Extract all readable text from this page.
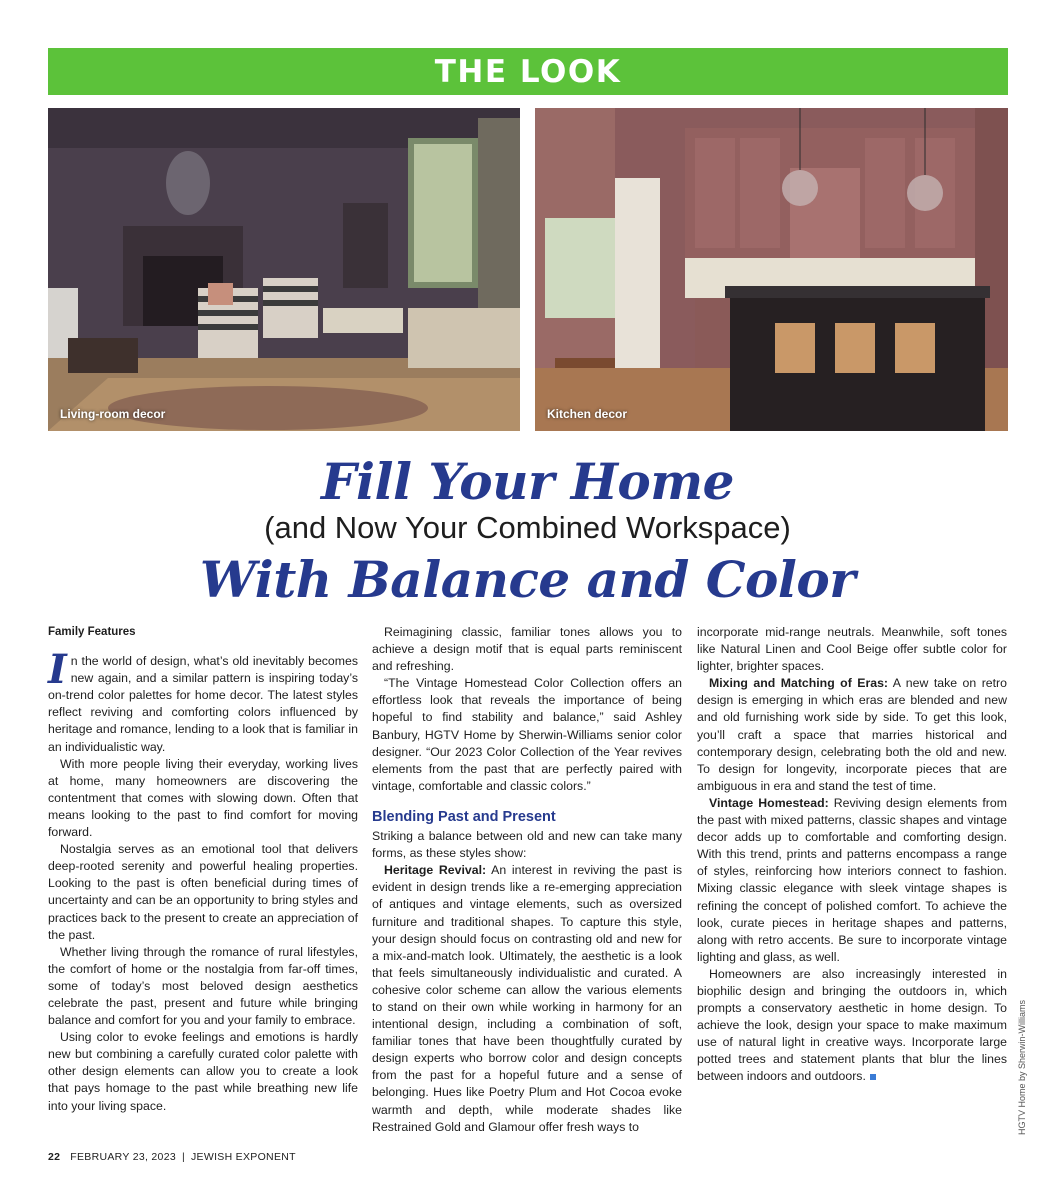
THE LOOK
Living-room decor	Kitchen decor
Fill Your Home
(and Now Your Combined Workspace)
With Balance and Color
Family Features

In the world of design, what’s old inevitably becomes new again, and a similar pattern is inspiring today’s on-trend color palettes for home decor. The latest styles reflect reviving and comforting colors influenced by heritage and romance, lending to a look that is familiar in an individualistic way.

With more people living their everyday, working lives at home, many homeowners are discovering the contentment that comes with slowing down. Often that means looking to the past to find comfort for moving forward.

Nostalgia serves as an emotional tool that delivers deep-rooted serenity and powerful healing properties. Looking to the past is often beneficial during times of uncertainty and can be an opportunity to bring styles and practices back to the present to create an appreciation of the past.

Whether living through the romance of rural lifestyles, the comfort of home or the nostalgia from far-off times, some of today’s most beloved design aesthetics celebrate the past, present and future while bringing balance and comfort for you and your family to embrace.

Using color to evoke feelings and emotions is hardly new but combining a carefully curated color palette with other design elements can allow you to create a look that pays homage to the past while breathing new life into your living space.

Reimagining classic, familiar tones allows you to achieve a design motif that is equal parts reminiscent and refreshing.

“The Vintage Homestead Color Collection offers an effortless look that reveals the importance of being hopeful to find stability and balance,” said Ashley Banbury, HGTV Home by Sherwin-Williams senior color designer. “Our 2023 Color Collection of the Year revives elements from the past that are perfectly paired with vintage, comfortable and classic colors.”

Blending Past and Present

Striking a balance between old and new can take many forms, as these styles show:

Heritage Revival: An interest in reviving the past is evident in design trends like a re-emerging appreciation of antiques and vintage elements, such as oversized furniture and traditional shapes. To capture this style, your design should focus on contrasting old and new for a mix-and-match look. Ultimately, the aesthetic is a look that feels simultaneously individualistic and curated. A cohesive color scheme can allow the various elements to stand on their own while working in harmony for an intentional design, including a combination of soft, familiar tones that have been thoughtfully curated by design experts who borrow color and design concepts from the past for a hopeful future and a sense of belonging. Hues like Poetry Plum and Hot Cocoa evoke warmth and depth, while moderate shades like Restrained Gold and Glamour offer fresh ways to

incorporate mid-range neutrals. Meanwhile, soft tones like Natural Linen and Cool Beige offer subtle color for lighter, brighter spaces.

Mixing and Matching of Eras: A new take on retro design is emerging in which eras are blended and new and old furnishing work side by side. To get this look, you’ll craft a space that marries historical and contemporary design, celebrating both the old and new. To design for longevity, incorporate pieces that are ambiguous in era and stand the test of time.

Vintage Homestead: Reviving design elements from the past with mixed patterns, classic shapes and vintage decor adds up to comfortable and comforting design. With this trend, prints and patterns encompass a range of styles, reinforcing how interiors connect to fashion. Mixing classic elegance with sleek vintage shapes is refining the concept of polished comfort. To achieve the look, curate pieces in heritage shapes and patterns, along with retro accents. Be sure to incorporate vintage lighting and glass, as well.

Homeowners are also increasingly interested in biophilic design and bringing the outdoors in, which prompts a conservatory aesthetic in home design. To achieve the look, design your space to make maximum use of natural light in creative ways. Incorporate large potted trees and statement plants that blur the lines between indoors and outdoors.

22 FEBRUARY 23, 2023 | JEWISH EXPONENT
HGTV Home by Sherwin-Williams
